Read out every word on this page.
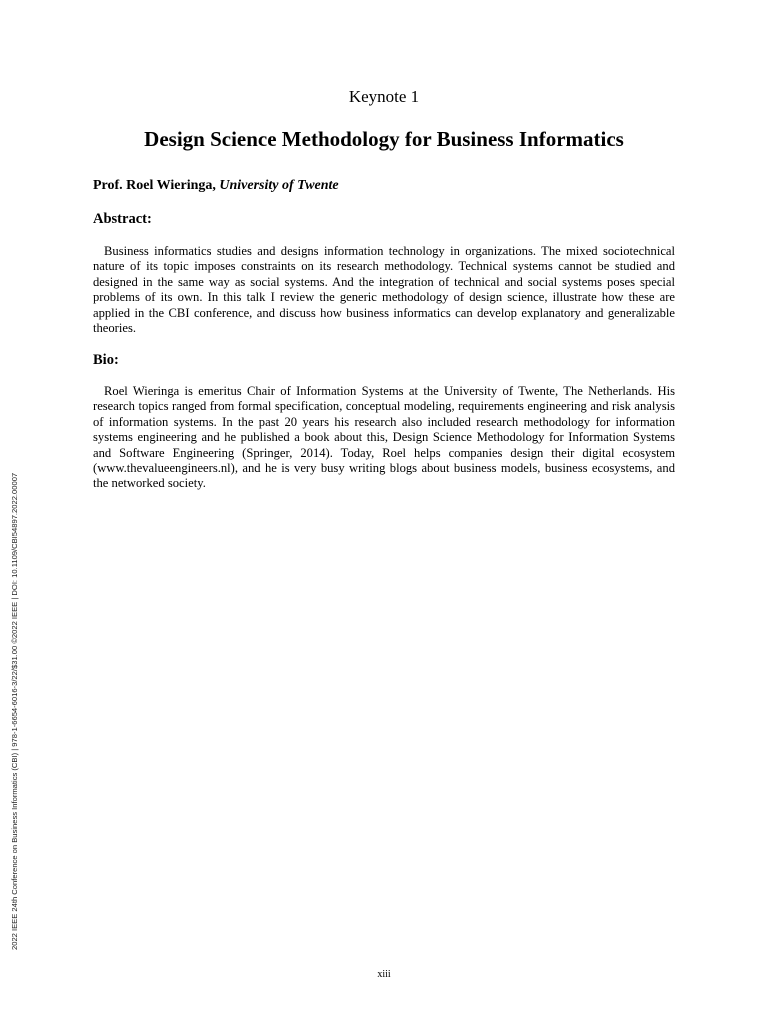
Keynote 1
Design Science Methodology for Business Informatics
Prof. Roel Wieringa, University of Twente
Abstract:

Business informatics studies and designs information technology in organizations. The mixed sociotechnical nature of its topic imposes constraints on its research methodology. Technical systems cannot be studied and designed in the same way as social systems. And the integration of technical and social systems poses special problems of its own. In this talk I review the generic methodology of design science, illustrate how these are applied in the CBI conference, and discuss how business informatics can develop explanatory and generalizable theories.

Bio:

Roel Wieringa is emeritus Chair of Information Systems at the University of Twente, The Netherlands. His research topics ranged from formal specification, conceptual modeling, requirements engineering and risk analysis of information systems. In the past 20 years his research also included research methodology for information systems engineering and he published a book about this, Design Science Methodology for Information Systems and Software Engineering (Springer, 2014). Today, Roel helps companies design their digital ecosystem (www.thevalueengineers.nl), and he is very busy writing blogs about business models, business ecosystems, and the networked society.

2022 IEEE 24th Conference on Business Informatics (CBI) | 978-1-6654-6016-3/22/$31.00 ©2022 IEEE | DOI: 10.1109/CBI54897.2022.00007
xiii
